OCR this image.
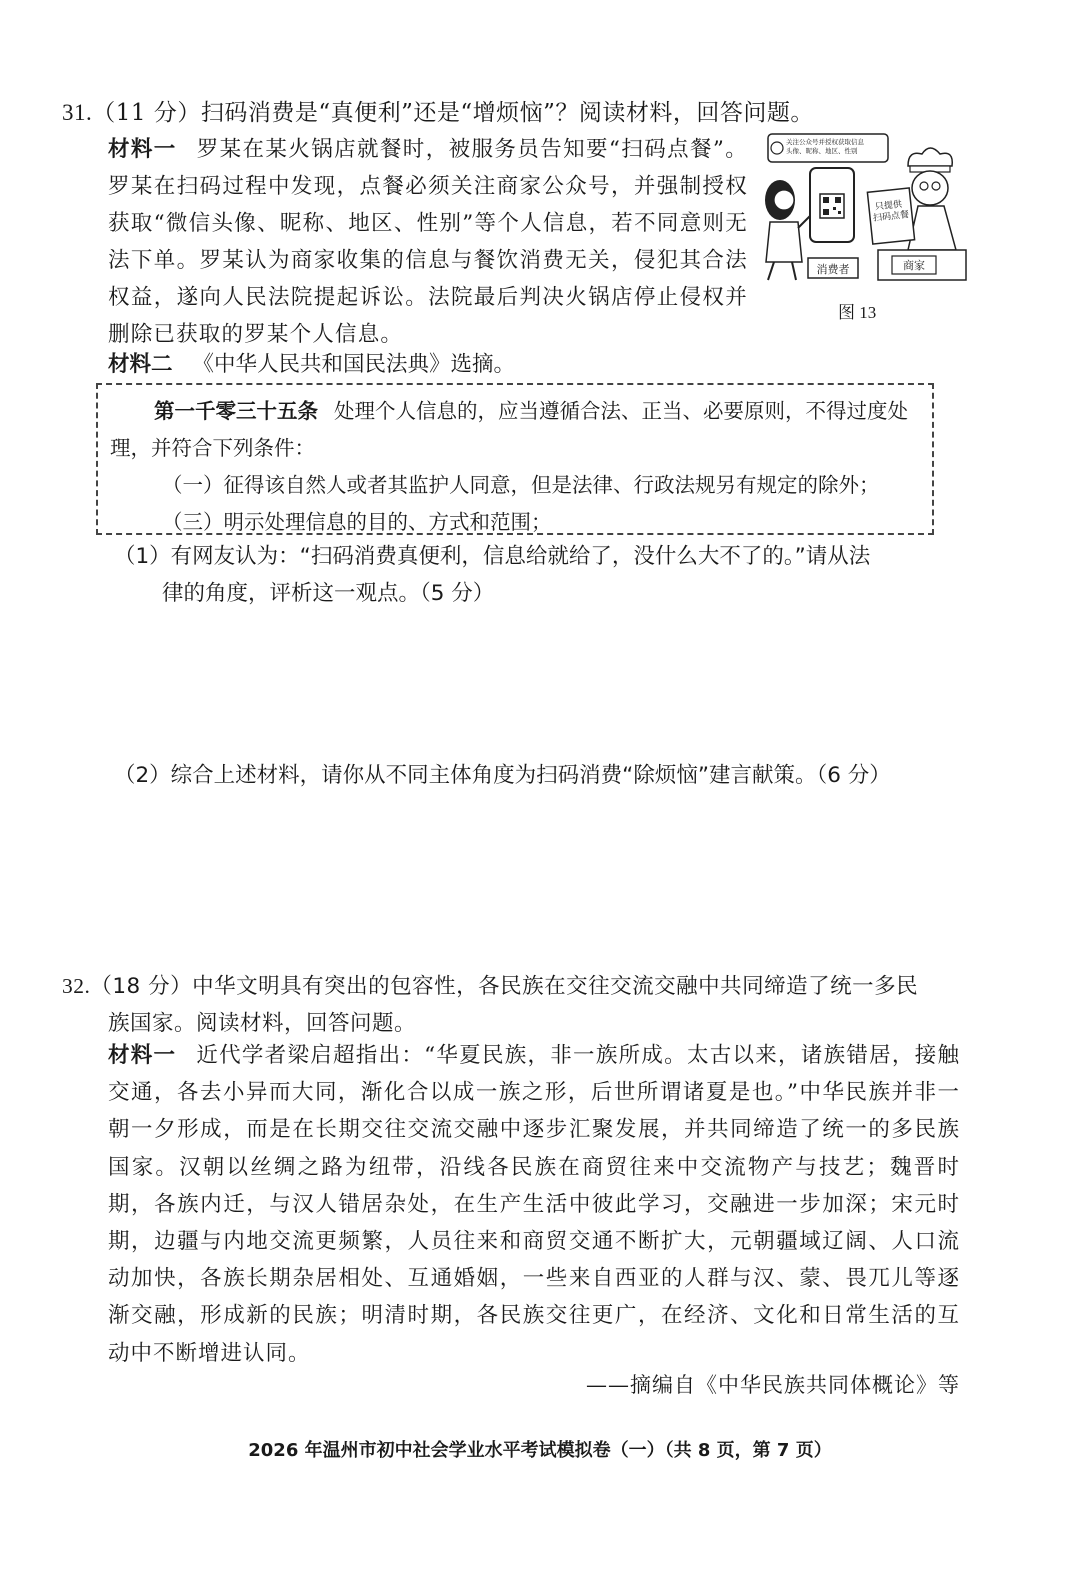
31.（11 分）扫码消费是“真便利”还是“增烦恼”？阅读材料，回答问题。
材料一 罗某在某火锅店就餐时，被服务员告知要“扫码点餐”。罗某在扫码过程中发现，点餐必须关注商家公众号，并强制授权获取“微信头像、昵称、地区、性别”等个人信息，若不同意则无法下单。罗某认为商家收集的信息与餐饮消费无关，侵犯其合法权益，遂向人民法院提起诉讼。法院最后判决火锅店停止侵权并删除已获取的罗某个人信息。
关注公众号并授权获取信息 头像、昵称、地区、性别
消费者
只提供 扫码点餐
商家
图 13
材料二 《中华人民共和国民法典》选摘。
第一千零三十五条 处理个人信息的，应当遵循合法、正当、必要原则，不得过度处理，并符合下列条件：
（一）征得该自然人或者其监护人同意，但是法律、行政法规另有规定的除外；
（三）明示处理信息的目的、方式和范围；
（1）有网友认为：“扫码消费真便利，信息给就给了，没什么大不了的。”请从法
律的角度，评析这一观点。（5 分）
（2）综合上述材料，请你从不同主体角度为扫码消费“除烦恼”建言献策。（6 分）
32.（18 分）中华文明具有突出的包容性，各民族在交往交流交融中共同缔造了统一多民
族国家。阅读材料，回答问题。
材料一 近代学者梁启超指出：“华夏民族，非一族所成。太古以来，诸族错居，接触交通，各去小异而大同，渐化合以成一族之形，后世所谓诸夏是也。”中华民族并非一朝一夕形成，而是在长期交往交流交融中逐步汇聚发展，并共同缔造了统一的多民族国家。汉朝以丝绸之路为纽带，沿线各民族在商贸往来中交流物产与技艺；魏晋时期，各族内迁，与汉人错居杂处，在生产生活中彼此学习，交融进一步加深；宋元时期，边疆与内地交流更频繁，人员往来和商贸交通不断扩大，元朝疆域辽阔、人口流动加快，各族长期杂居相处、互通婚姻，一些来自西亚的人群与汉、蒙、畏兀儿等逐渐交融，形成新的民族；明清时期，各民族交往更广，在经济、文化和日常生活的互动中不断增进认同。
——摘编自《中华民族共同体概论》等
2026 年温州市初中社会学业水平考试模拟卷（一）（共 8 页，第 7 页）
